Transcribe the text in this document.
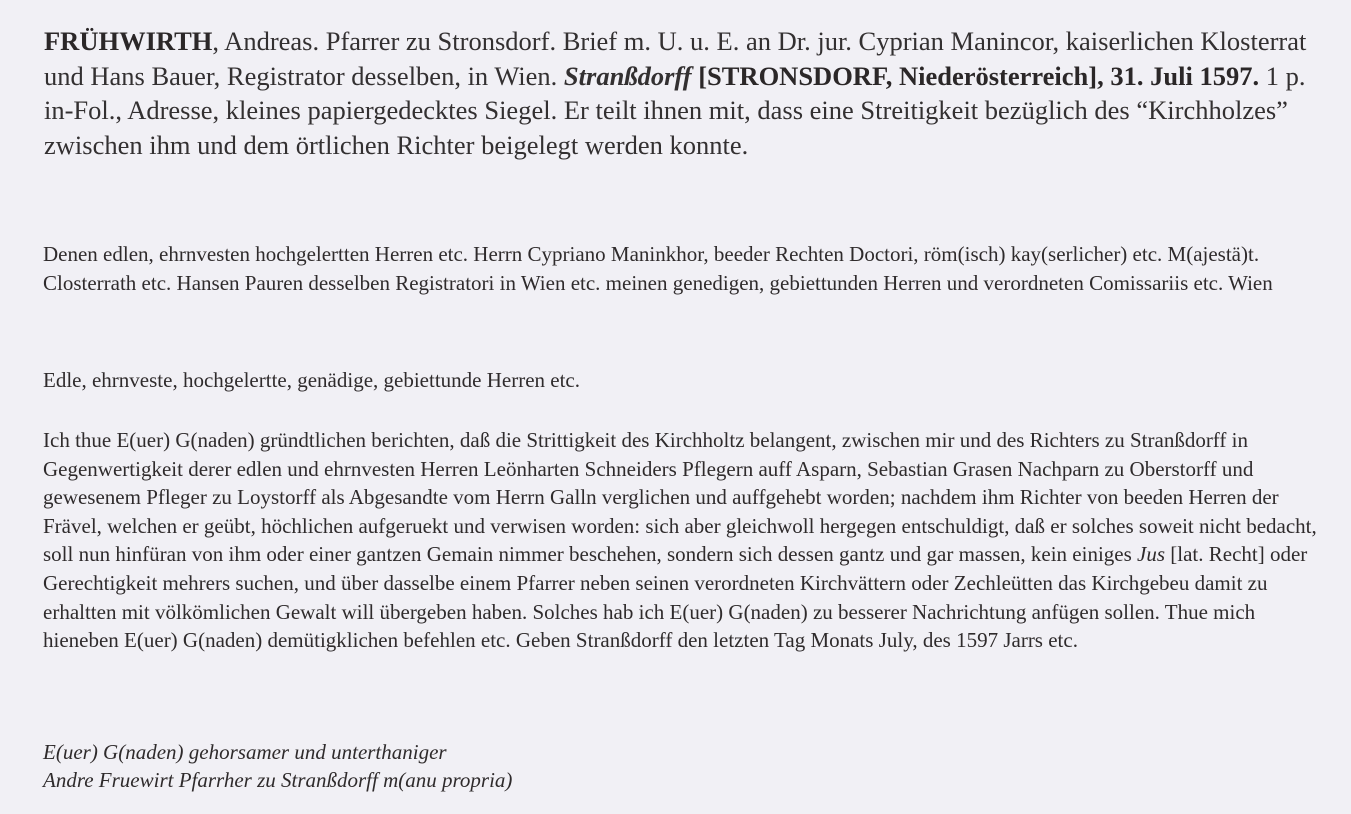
FRÜHWIRTH, Andreas. Pfarrer zu Stronsdorf. Brief m. U. u. E. an Dr. jur. Cyprian Manincor, kaiserlichen Klosterrat und Hans Bauer, Registrator desselben, in Wien. Stranßdorff [STRONSDORF, Niederösterreich], 31. Juli 1597. 1 p. in-Fol., Adresse, kleines papiergedecktes Siegel. Er teilt ihnen mit, dass eine Streitigkeit bezüglich des “Kirchholzes” zwischen ihm und dem örtlichen Richter beigelegt werden konnte.
Denen edlen, ehrnvesten hochgelertten Herren etc. Herrn Cypriano Maninkhor, beeder Rechten Doctori, röm(isch) kay(serlicher) etc. M(ajestä)t. Closterrath etc. Hansen Pauren desselben Registratori in Wien etc. meinen genedigen, gebiettunden Herren und verordneten Comissariis etc. Wien
Edle, ehrnveste, hochgelertte, genädige, gebiettunde Herren etc.
Ich thue E(uer) G(naden) gründtlichen berichten, daß die Strittigkeit des Kirchholtz belangent, zwischen mir und des Richters zu Stranßdorff in Gegenwertigkeit derer edlen und ehrnvesten Herren Leönharten Schneiders Pflegern auff Asparn, Sebastian Grasen Nachparn zu Oberstorff und gewesenem Pfleger zu Loystorff als Abgesandte vom Herrn Galln verglichen und auffgehebt worden; nachdem ihm Richter von beeden Herren der Frävel, welchen er geübt, höchlichen aufgeruekt und verwisen worden: sich aber gleichwoll hergegen entschuldigt, daß er solches soweit nicht bedacht, soll nun hinfüran von ihm oder einer gantzen Gemain nimmer beschehen, sondern sich dessen gantz und gar massen, kein einiges Jus [lat. Recht] oder Gerechtigkeit mehrers suchen, und über dasselbe einem Pfarrer neben seinen verordneten Kirchvättern oder Zechleütten das Kirchgebeu damit zu erhaltten mit völkömlichen Gewalt will übergeben haben. Solches hab ich E(uer) G(naden) zu besserer Nachrichtung anfügen sollen. Thue mich hieneben E(uer) G(naden) demütigklichen befehlen etc. Geben Stranßdorff den letzten Tag Monats July, des 1597 Jarrs etc.
E(uer) G(naden) gehorsamer und unterthaniger
Andre Fruewirt Pfarrher zu Stranßdorff m(anu propria)
